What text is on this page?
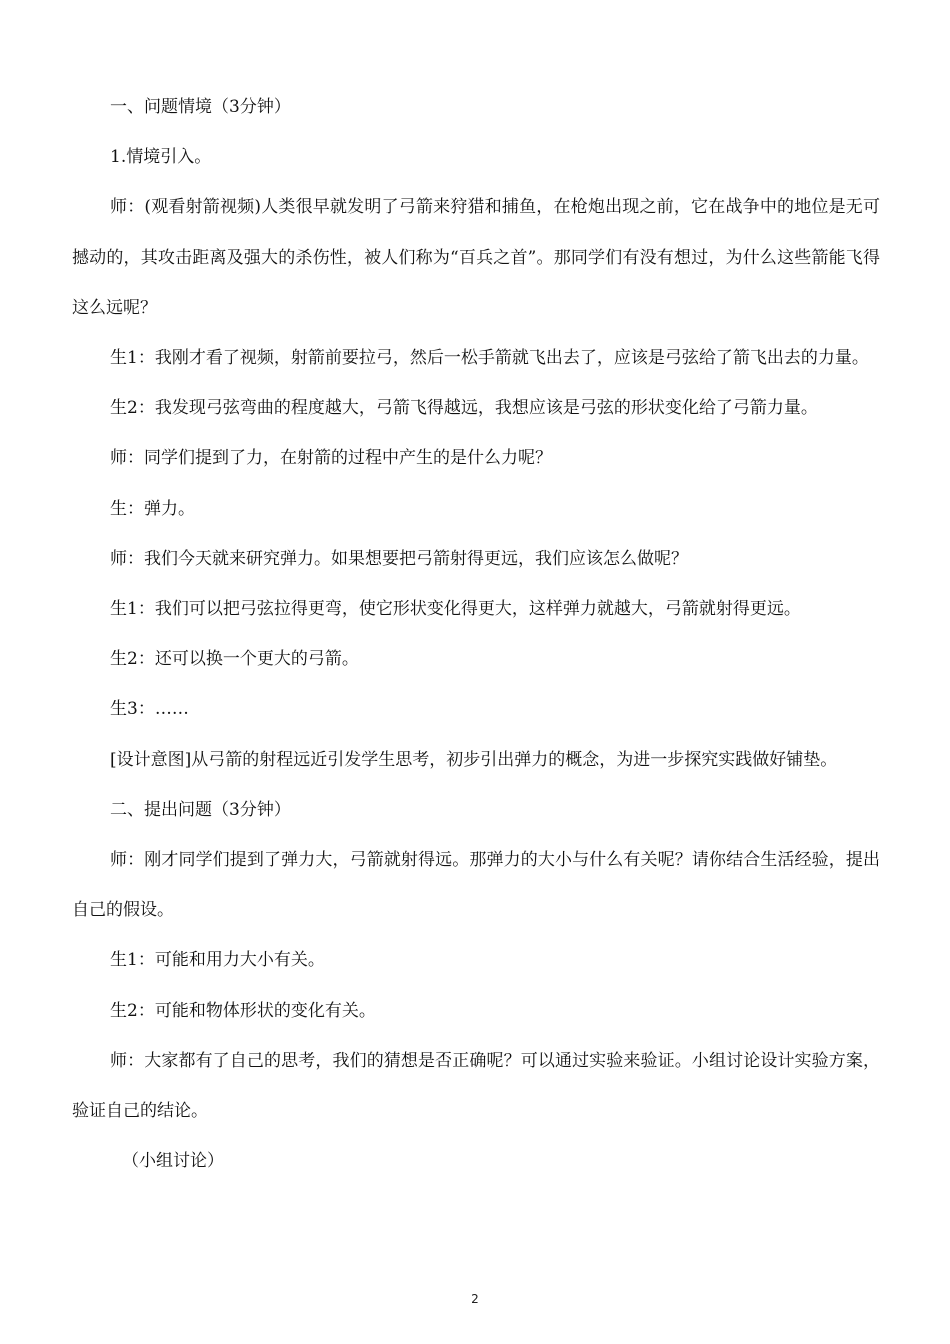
一、问题情境（3分钟）

1.情境引入。

师：(观看射箭视频)人类很早就发明了弓箭来狩猎和捕鱼，在枪炮出现之前，它在战争中的地位是无可撼动的，其攻击距离及强大的杀伤性，被人们称为“百兵之首”。那同学们有没有想过，为什么这些箭能飞得这么远呢？

生1：我刚才看了视频，射箭前要拉弓，然后一松手箭就飞出去了，应该是弓弦给了箭飞出去的力量。

生2：我发现弓弦弯曲的程度越大，弓箭飞得越远，我想应该是弓弦的形状变化给了弓箭力量。

师：同学们提到了力，在射箭的过程中产生的是什么力呢？

生：弹力。

师：我们今天就来研究弹力。如果想要把弓箭射得更远，我们应该怎么做呢？

生1：我们可以把弓弦拉得更弯，使它形状变化得更大，这样弹力就越大，弓箭就射得更远。

生2：还可以换一个更大的弓箭。

生3：……

[设计意图]从弓箭的射程远近引发学生思考，初步引出弹力的概念，为进一步探究实践做好铺垫。

二、提出问题（3分钟）

师：刚才同学们提到了弹力大，弓箭就射得远。那弹力的大小与什么有关呢？请你结合生活经验，提出自己的假设。

生1：可能和用力大小有关。

生2：可能和物体形状的变化有关。

师：大家都有了自己的思考，我们的猜想是否正确呢？可以通过实验来验证。小组讨论设计实验方案，验证自己的结论。

（小组讨论）

2
